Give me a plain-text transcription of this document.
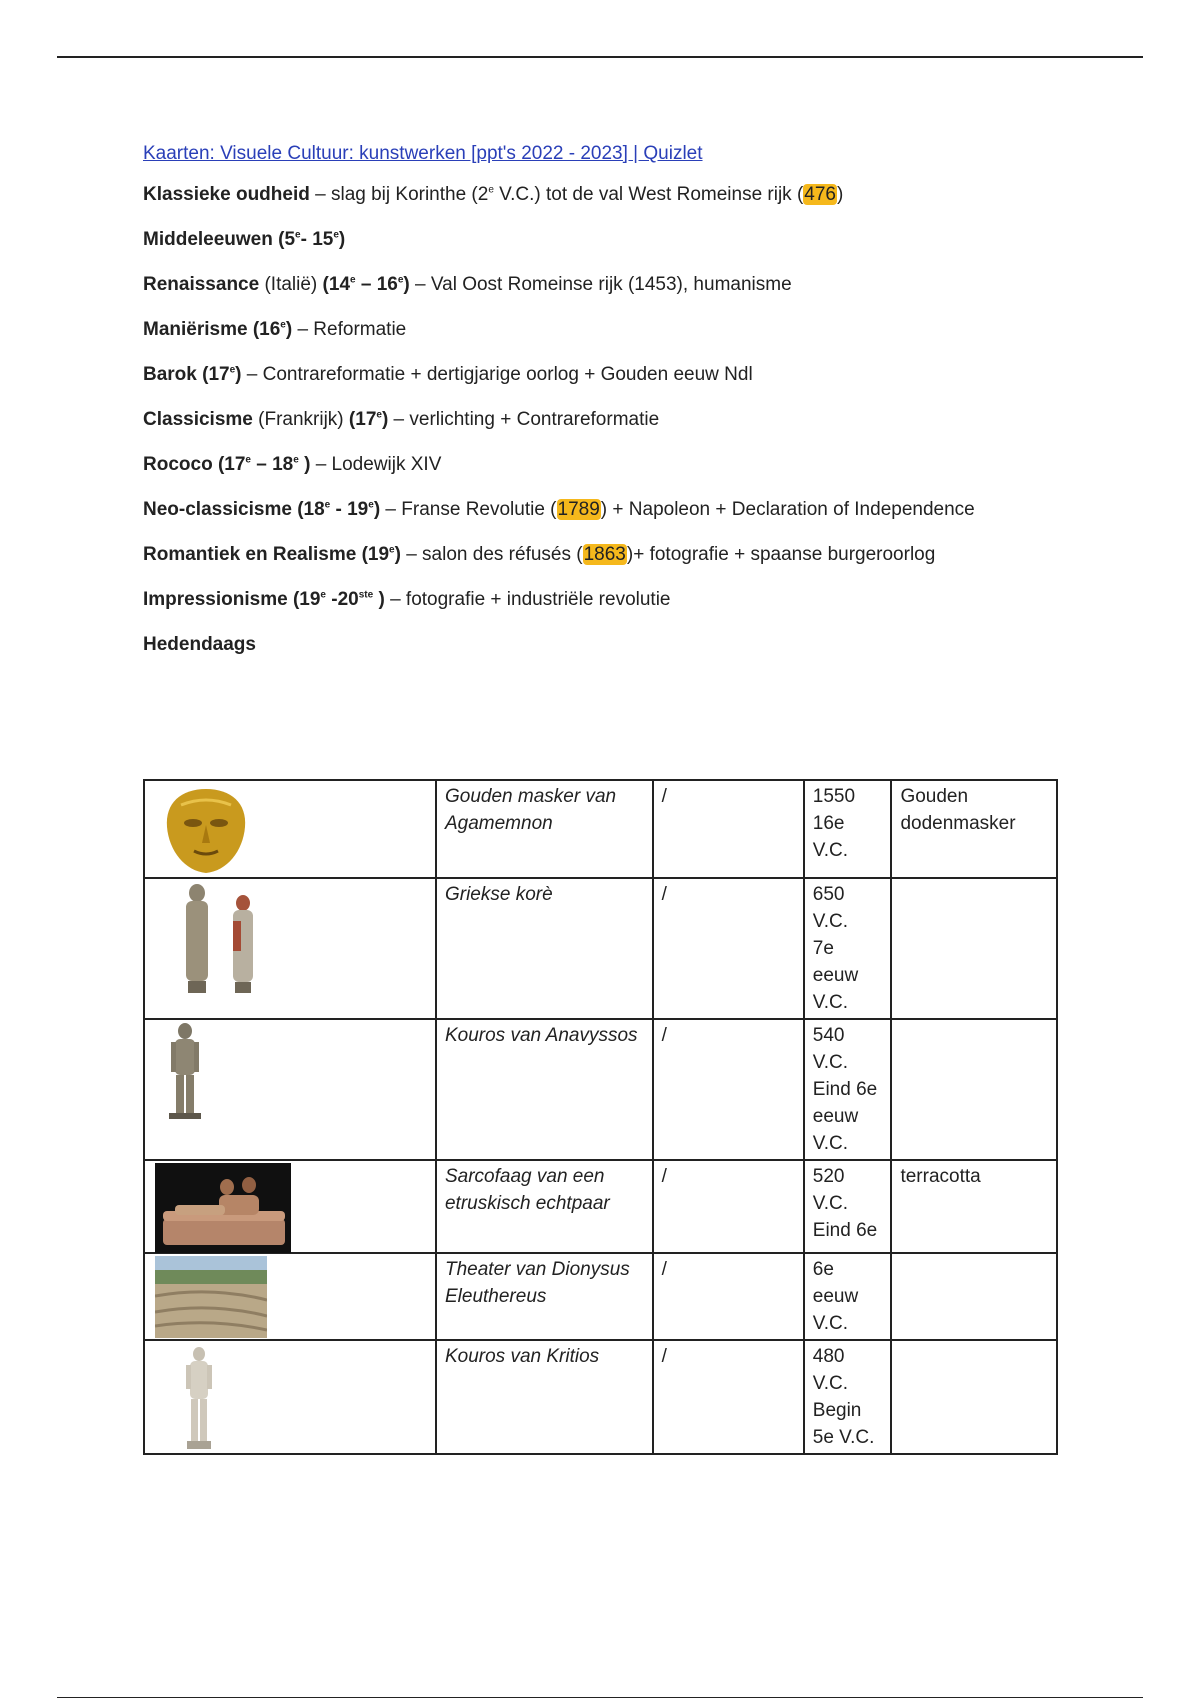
Kaarten: Visuele Cultuur: kunstwerken [ppt's 2022 - 2023] | Quizlet

Klassieke oudheid – slag bij Korinthe (2e V.C.) tot de val West Romeinse rijk (476)

Middeleeuwen (5e- 15e)

Renaissance (Italië) (14e – 16e) – Val Oost Romeinse rijk (1453), humanisme

Maniërisme (16e) – Reformatie

Barok (17e) – Contrareformatie + dertigjarige oorlog + Gouden eeuw Ndl

Classicisme (Frankrijk) (17e) – verlichting + Contrareformatie

Rococo (17e – 18e ) – Lodewijk XIV

Neo-classicisme (18e - 19e) – Franse Revolutie (1789) + Napoleon + Declaration of Independence

Romantiek en Realisme (19e) – salon des réfusés (1863)+ fotografie + spaanse burgeroorlog

Impressionisme (19e -20ste ) – fotografie + industriële revolutie

Hedendaags

	Gouden masker van Agamemnon	/	1550
16e
V.C.	Gouden dodenmasker

	Griekse korè	/	650
V.C.
7e
eeuw
V.C.	

	Kouros van Anavyssos	/	540
V.C.
Eind 6e
eeuw
V.C.	

	Sarcofaag van een etruskisch echtpaar	/	520
V.C.
Eind 6e	terracotta

	Theater van Dionysus Eleuthereus	/	6e
eeuw
V.C.	

	Kouros van Kritios	/	480
V.C.
Begin
5e V.C.	
